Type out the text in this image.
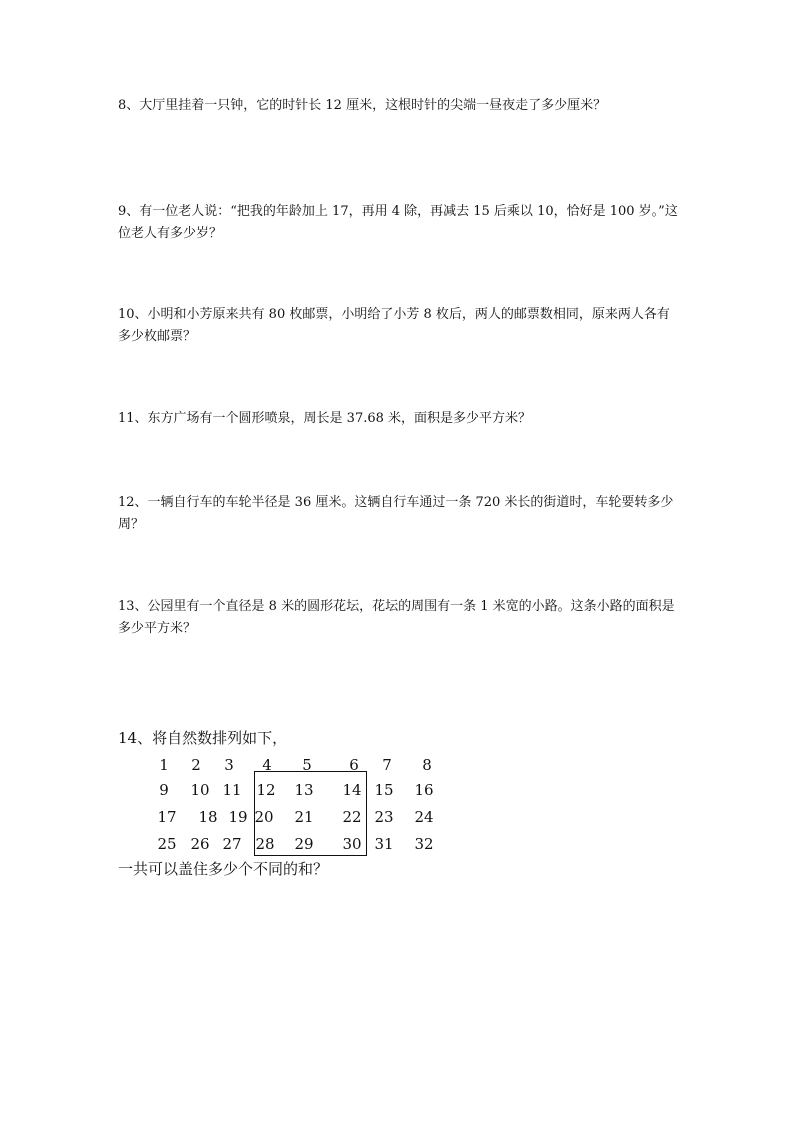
8、大厅里挂着一只钟，它的时针长 12 厘米，这根时针的尖端一昼夜走了多少厘米？

9、有一位老人说：“把我的年龄加上 17，再用 4 除，再减去 15 后乘以 10，恰好是 100 岁。”这位老人有多少岁？

10、小明和小芳原来共有 80 枚邮票，小明给了小芳 8 枚后，两人的邮票数相同，原来两人各有多少枚邮票？

11、东方广场有一个圆形喷泉，周长是 37.68 米，面积是多少平方米？

12、一辆自行车的车轮半径是 36 厘米。这辆自行车通过一条 720 米长的街道时，车轮要转多少周？

13、公园里有一个直径是 8 米的圆形花坛，花坛的周围有一条 1 米宽的小路。这条小路的面积是多少平方米？

14、将自然数排列如下，

1 2 3 4 5 6 7 8
9 10 11 12 13 14 15 16
17 18 19 20 21 22 23 24
25 26 27 28 29 30 31 32

一共可以盖住多少个不同的和？
